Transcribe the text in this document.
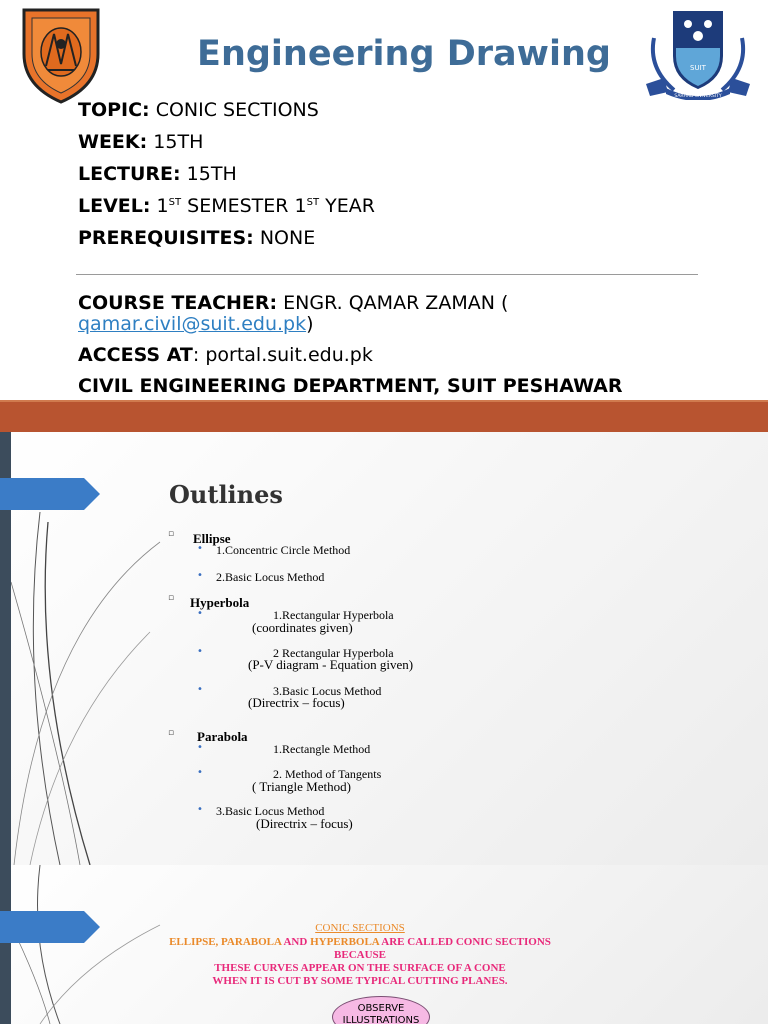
Engineering Drawing	SUIT
SARHAD UNIVERSITY
TOPIC: CONIC SECTIONS
WEEK: 15TH
LECTURE: 15TH
LEVEL: 1ST SEMESTER 1ST YEAR
PREREQUISITES: NONE
COURSE TEACHER: ENGR. QAMAR ZAMAN (
qamar.civil@suit.edu.pk)
ACCESS AT: portal.suit.edu.pk
CIVIL ENGINEERING DEPARTMENT, SUIT PESHAWAR
Outlines
▫ Ellipse
• 1.Concentric Circle Method
• 2.Basic Locus Method
▫ Hyperbola
•	1.Rectangular Hyperbola
(coordinates given)
•	2 Rectangular Hyperbola
(P-V diagram - Equation given)
•	3.Basic Locus Method
(Directrix – focus)
▫ Parabola
•	1.Rectangle Method
•	2. Method of Tangents
( Triangle Method)
• 3.Basic Locus Method
(Directrix – focus)
CONIC SECTIONS
ELLIPSE, PARABOLA AND HYPERBOLA ARE CALLED CONIC SECTIONS
BECAUSE
THESE CURVES APPEAR ON THE SURFACE OF A CONE
WHEN IT IS CUT BY SOME TYPICAL CUTTING PLANES.
OBSERVE
ILLUSTRATIONS
